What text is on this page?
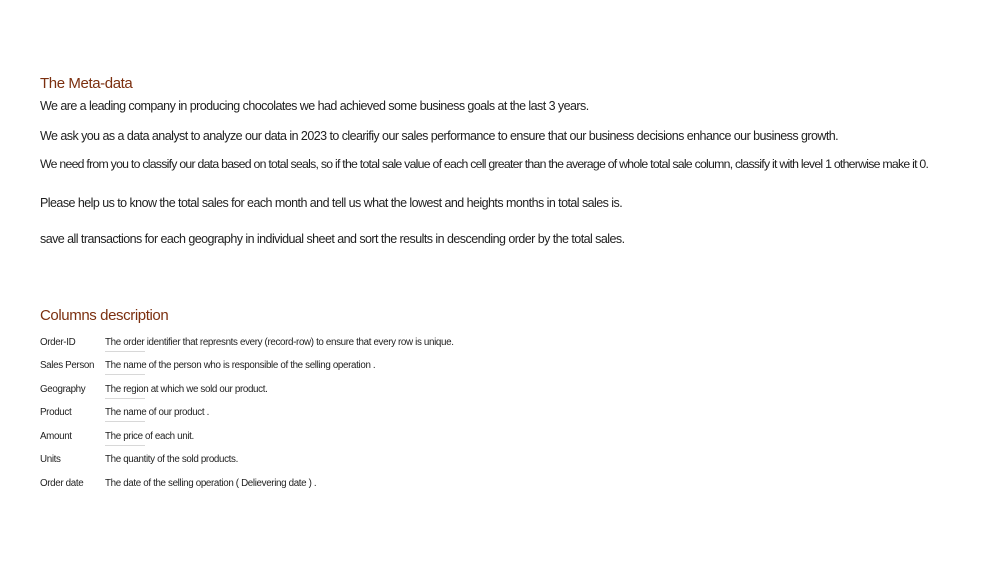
The Meta-data
We are a leading company in producing chocolates we had achieved some business goals at the last 3 years.
We ask you as a data analyst to analyze our data in 2023 to clearifiy our sales performance to ensure that our business decisions enhance our business growth.
We need from you to classify our data based on total seals, so if the total sale value of each cell greater than the average of whole total sale column, classify it with level 1 otherwise make it 0.
Please help us to know the total sales for each month and tell us what the lowest and heights months in total sales is.
save all transactions for each geography in individual sheet and sort the results in descending order by the total sales.
Columns description
Order-ID	The order identifier that represnts every (record-row) to ensure that every row is unique.
Sales Person	The name of the person who is responsible of the selling operation .
Geography	The region at which we sold our product.
Product	The name of our product .
Amount	The price of each unit.
Units	The quantity of the sold products.
Order date	The date of the selling operation ( Delievering date ) .
